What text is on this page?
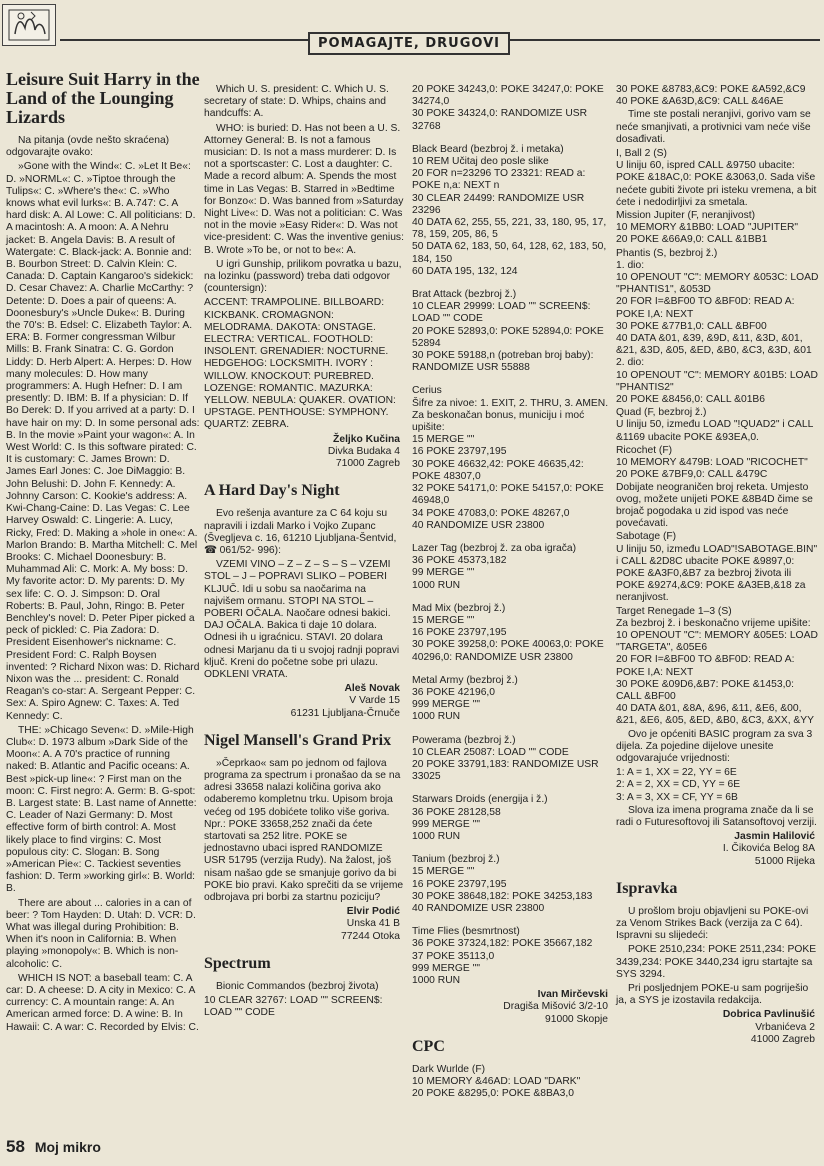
POMAGAJTE, DRUGOVI
Leisure Suit Harry in the Land of the Lounging Lizards

Na pitanja (ovde nešto skraćena) odgovarajte ovako:

»Gone with the Wind«: C. »Let It Be«: D. »NORML«: C. »Tiptoe through the Tulips«: C. »Where's the«: C. »Who knows what evil lurks«: B. A.747: C. A hard disk: A. Al Lowe: C. All politicians: D. A macintosh: A. A moon: A. A Nehru jacket: B. Angela Davis: B. A result of Watergate: C. Black-jack: A. Bonnie and: B. Bourbon Street: D. Calvin Klein: C. Canada: D. Captain Kangaroo's sidekick: D. Cesar Chavez: A. Charlie McCarthy: ? Detente: D. Does a pair of queens: A. Doonesbury's »Uncle Duke«: B. During the 70's: B. Edsel: C. Elizabeth Taylor: A. ERA: B. Former congressman Wilbur Mills: B. Frank Sinatra: C. G. Gordon Liddy: D. Herb Alpert: A. Herpes: D. How many molecules: D. How many programmers: A. Hugh Hefner: D. I am presently: D. IBM: B. If a physician: D. If Bo Derek: D. If you arrived at a party: D. I have hair on my: D. In some personal ads: B. In the movie »Paint your wagon«: A. In West World: C. Is this software pirated: C. It is customary: C. James Brown: D. James Earl Jones: C. Joe DiMaggio: B. John Belushi: D. John F. Kennedy: A. Johnny Carson: C. Kookie's address: A. Kwi-Chang-Caine: D. Las Vegas: C. Lee Harvey Oswald: C. Lingerie: A. Lucy, Ricky, Fred: D. Making a »hole in one«: A. Marlon Brando: B. Martha Mitchell: C. Mel Brooks: C. Michael Doonesbury: B. Muhammad Ali: C. Mork: A. My boss: D. My favorite actor: D. My parents: D. My sex life: C. O. J. Simpson: D. Oral Roberts: B. Paul, John, Ringo: B. Peter Benchley's novel: D. Peter Piper picked a peck of pickled: C. Pia Zadora: D. President Eisenhower's nickname: C. President Ford: C. Ralph Boysen invented: ? Richard Nixon was: D. Richard Nixon was the ... president: C. Ronald Reagan's co-star: A. Sergeant Pepper: C. Sex: A. Spiro Agnew: C. Taxes: A. Ted Kennedy: C.

THE: »Chicago Seven«: D. »Mile-High Club«: D. 1973 album »Dark Side of the Moon«: A. A 70's practice of running naked: B. Atlantic and Pacific oceans: A. Best »pick-up line«: ? First man on the moon: C. First negro: A. Germ: B. G-spot: B. Largest state: B. Last name of Annette: C. Leader of Nazi Germany: D. Most effective form of birth control: A. Most likely place to find virgins: C. Most populous city: C. Slogan: B. Song »American Pie«: C. Tackiest seventies fashion: D. Term »working girl«: B. World: B.

There are about ... calories in a can of beer: ? Tom Hayden: D. Utah: D. VCR: D. What was illegal during Prohibition: B. When it's noon in California: B. When playing »monopoly«: B. Which is non- alcoholic: C.

WHICH IS NOT: a baseball team: C. A car: D. A cheese: D. A city in Mexico: C. A currency: C. A mountain range: A. An American armed force: D. A wine: B. In Hawaii: C. A war: C. Recorded by Elvis: C.

Which U. S. president: C. Which U. S. secretary of state: D. Whips, chains and handcuffs: A.

WHO: is buried: D. Has not been a U. S. Attorney General: B. Is not a famous musician: D. Is not a mass murderer: D. Is not a sportscaster: C. Lost a daughter: C. Made a record album: A. Spends the most time in Las Vegas: B. Starred in »Bedtime for Bonzo«: D. Was banned from »Saturday Night Live«: D. Was not a politician: C. Was not in the movie »Easy Rider«: D. Was not vice-president: C. Was the inventive genius: B. Wrote »To be, or not to be«: A.

U igri Gunship, prilikom povratka u bazu, na lozinku (password) treba dati odgovor (countersign):

ACCENT: TRAMPOLINE. BILLBOARD: KICKBANK. CROMAGNON: MELODRAMA. DAKOTA: ONSTAGE. ELECTRA: VERTICAL. FOOTHOLD: INSOLENT. GRENADIER: NOCTURNE. HEDGEHOG: LOCKSMITH. IVORY : WILLOW. KNOCKOUT: PUREBRED. LOZENGE: ROMANTIC. MAZURKA: YELLOW. NEBULA: QUAKER. OVATION: UPSTAGE. PENTHOUSE: SYMPHONY. QUARTZ: ZEBRA.

Željko Kučina
Divka Budaka 4
71000 Zagreb
A Hard Day's Night

Evo rešenja avanture za C 64 koju su napravili i izdali Marko i Vojko Zupanc (Švegljeva c. 16, 61210 Ljubljana-Šentvid, ☎ 061/52- 996):

VZEMI VINO – Z – Z – S – S – VZEMI STOL – J – POPRAVI SLIKO – POBERI KLJUČ. Idi u sobu sa naočarima na najvišem ormanu. STOPI NA STOL – POBERI OČALA. Naočare odnesi bakici. DAJ OČALA. Bakica ti daje 10 dolara. Odnesi ih u igraćnicu. STAVI. 20 dolara odnesi Marjanu da ti u svojoj radnji popravi ključ. Kreni do početne sobe pri ulazu. ODKLENI VRATA.

Aleš Novak
V Varde 15
61231 Ljubljana-Črnuče
Nigel Mansell's Grand Prix

»Čeprkao« sam po jednom od fajlova programa za spectrum i pronašao da se na adresi 33658 nalazi količina goriva ako odaberemo kompletnu trku. Upisom broja većeg od 195 dobićete toliko više goriva. Npr.: POKE 33658,252 znači da ćete startovati sa 252 litre. POKE se jednostavno ubaci ispred RANDOMIZE USR 51795 (verzija Rudy). Na žalost, još nisam našao gde se smanjuje gorivo da bi POKE bio pravi. Kako sprečiti da se vrijeme odbrojava pri borbi za startnu poziciju?

Elvir Podić
Unska 41 B
77244 Otoka
Spectrum

Bionic Commandos (bezbroj života)

10 CLEAR 32767: LOAD "" SCREEN$: LOAD "" CODE

20 POKE 34243,0: POKE 34247,0: POKE 34274,0
30 POKE 34324,0: RANDOMIZE USR 32768
Black Beard (bezbroj ž. i metaka)
10 REM Učitaj deo posle slike
20 FOR n=23296 TO 23321: READ a: POKE n,a: NEXT n
30 CLEAR 24499: RANDOMIZE USR 23296
40 DATA 62, 255, 55, 221, 33, 180, 95, 17, 78, 159, 205, 86, 5
50 DATA 62, 183, 50, 64, 128, 62, 183, 50, 184, 150
60 DATA 195, 132, 124
Brat Attack (bezbroj ž.)
10 CLEAR 29999: LOAD "" SCREEN$: LOAD "" CODE
20 POKE 52893,0: POKE 52894,0: POKE 52894
30 POKE 59188,n (potreban broj baby): RANDOMIZE USR 55888
Cerius
Šifre za nivoe: 1. EXIT, 2. THRU, 3. AMEN.
Za beskonačan bonus, municiju i moć upišite:
15 MERGE ""
16 POKE 23797,195
30 POKE 46632,42: POKE 46635,42: POKE 48307,0
32 POKE 54171,0: POKE 54157,0: POKE 46948,0
34 POKE 47083,0: POKE 48267,0
40 RANDOMIZE USR 23800
Lazer Tag (bezbroj ž. za oba igrača)
36 POKE 45373,182
99 MERGE ""
1000 RUN
Mad Mix (bezbroj ž.)
15 MERGE ""
16 POKE 23797,195
30 POKE 39258,0: POKE 40063,0: POKE 40296,0: RANDOMIZE USR 23800
Metal Army (bezbroj ž.)
36 POKE 42196,0
999 MERGE ""
1000 RUN
Powerama (bezbroj ž.)
10 CLEAR 25087: LOAD "" CODE
20 POKE 33791,183: RANDOMIZE USR 33025
Starwars Droids (energija i ž.)
36 POKE 28128,58
999 MERGE ""
1000 RUN
Tanium (bezbroj ž.)
15 MERGE ""
16 POKE 23797,195
30 POKE 38648,182: POKE 34253,183
40 RANDOMIZE USR 23800
Time Flies (besmrtnost)
36 POKE 37324,182: POKE 35667,182
37 POKE 35113,0
999 MERGE ""
1000 RUN
Ivan Mirčevski
Dragiša Mišović 3/2-10
91000 Skopje
CPC
Dark Wurlde (F)
10 MEMORY &46AD: LOAD "DARK"
20 POKE &8295,0: POKE &8BA3,0
30 POKE &8783,&C9: POKE &A592,&C9
40 POKE &A63D,&C9: CALL &46AE

Time ste postali neranjivi, gorivo vam se neće smanjivati, a protivnici vam neće više dosađivati.

I, Ball 2 (S)
U liniju 60, ispred CALL &9750 ubacite: POKE &18AC,0: POKE &3063,0. Sada više nećete gubiti živote pri isteku vremena, a bit ćete i nedodirljivi za smetala.
Mission Jupiter (F, neranjivost)
10 MEMORY &1BB0: LOAD "JUPITER"
20 POKE &66A9,0: CALL &1BB1
Phantis (S, bezbroj ž.)
1. dio:
10 OPENOUT "C": MEMORY &053C: LOAD "PHANTIS1", &053D
20 FOR I=&BF00 TO &BF0D: READ A: POKE I,A: NEXT
30 POKE &77B1,0: CALL &BF00
40 DATA &01, &39, &9D, &11, &3D, &01, &21, &3D, &05, &ED, &B0, &C3, &3D, &01
2. dio:
10 OPENOUT "C": MEMORY &01B5: LOAD "PHANTIS2"
20 POKE &8456,0: CALL &01B6
Quad (F, bezbroj ž.)
U liniju 50, između LOAD "!QUAD2" i CALL &1169 ubacite POKE &93EA,0.
Ricochet (F)
10 MEMORY &479B: LOAD "RICOCHET"
20 POKE &7BF9,0: CALL &479C
Dobijate neograničen broj reketa. Umjesto ovog, možete unijeti POKE &8B4D čime se brojač pogodaka u zid ispod vas neće povećavati.
Sabotage (F)
U liniju 50, između LOAD"!SABOTAGE.BIN" i CALL &2D8C ubacite POKE &9897,0: POKE &A3F0,&B7 za bezbroj života ili POKE &9274,&C9: POKE &A3EB,&18 za neranjivost.
Target Renegade 1–3 (S)
Za bezbroj ž. i beskonačno vrijeme upišite:
10 OPENOUT "C": MEMORY &05E5: LOAD "TARGETA", &05E6
20 FOR I=&BF00 TO &BF0D: READ A: POKE I,A: NEXT
30 POKE &09D6,&B7: POKE &1453,0: CALL &BF00
40 DATA &01, &8A, &96, &11, &E6, &00, &21, &E6, &05, &ED, &B0, &C3, &XX, &YY

Ovo je općeniti BASIC program za sva 3 dijela. Za pojedine dijelove unesite odgovarajuće vrijednosti:

1: A = 1, XX = 22, YY = 6E
2: A = 2, XX = CD, YY = 6E
3: A = 3, XX = CF, YY = 6B

Slova iza imena programa znače da li se radi o Futuresoftovoj ili Satansoftovoj verziji.

Jasmin Halilović
I. Čikovića Belog 8A
51000 Rijeka
Ispravka

U prošlom broju objavljeni su POKE-ovi za Venom Strikes Back (verzija za C 64). Ispravni su slijedeći:

POKE 2510,234: POKE 2511,234: POKE 3439,234: POKE 3440,234 igru startajte sa SYS 3294.

Pri posljednjem POKE-u sam pogriješio ja, a SYS je izostavila redakcija.

Dobrica Pavlinušić
Vrbanićeva 2
41000 Zagreb
58 Moj mikro
